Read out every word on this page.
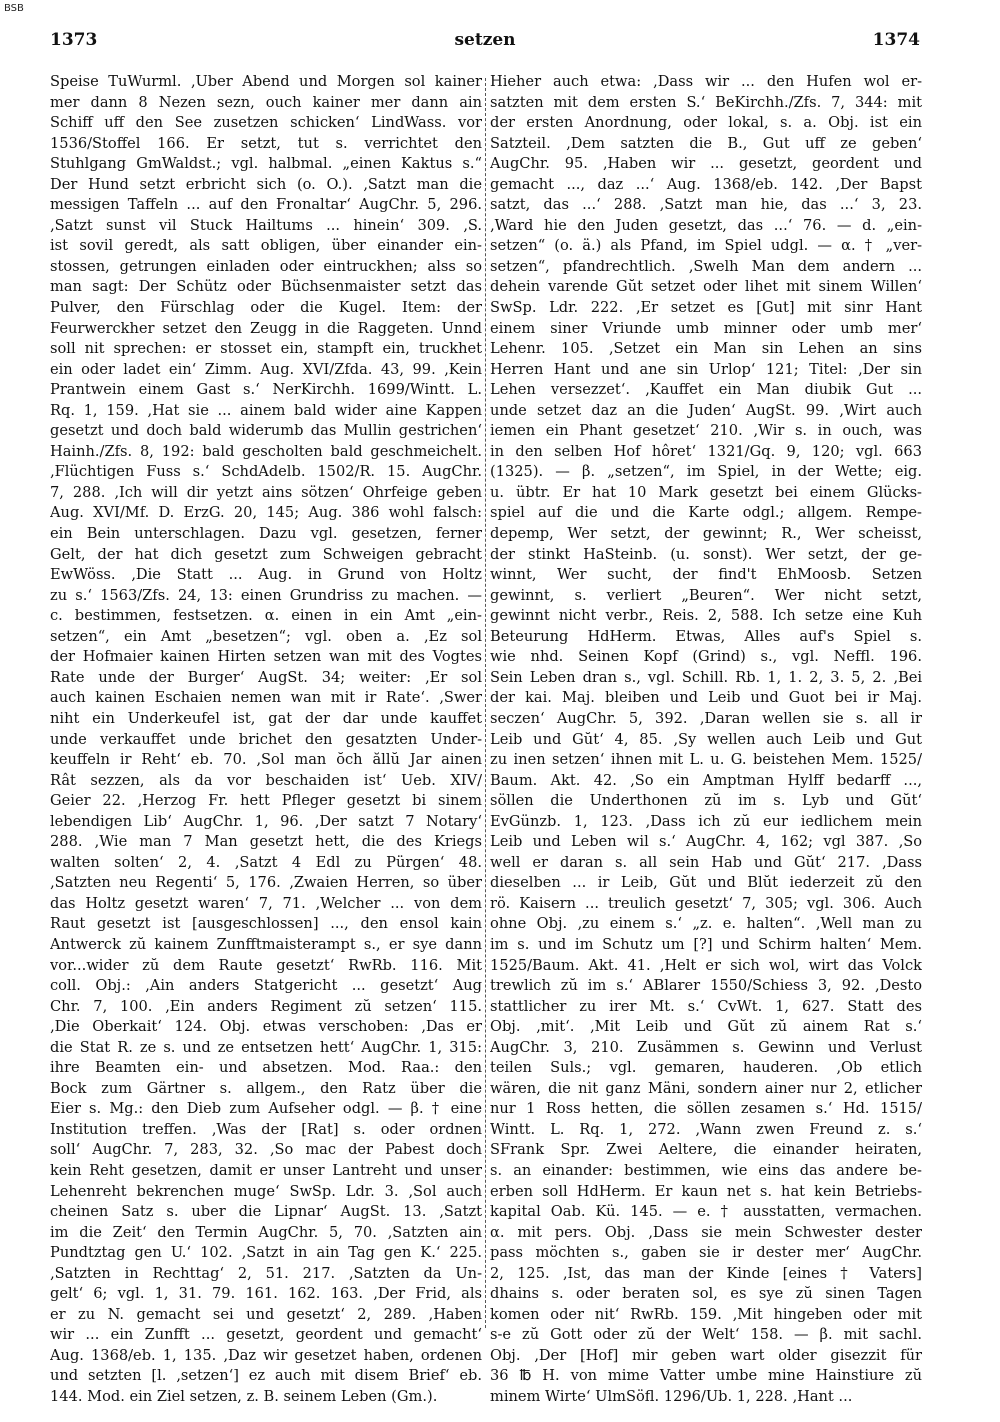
BSB
1373	setzen	1374
Speise TuWurml. ‚Uber Abend und Morgen sol kainer
mer dann 8 Nezen sezn, ouch kainer mer dann ain
Schiff uff den See zusetzen schicken‘ LindWass. vor
1536/Stoffel 166. Er setzt, tut s. verrichtet den
Stuhlgang GmWaldst.; vgl. halbmal. „einen Kaktus s.“
Der Hund setzt erbricht sich (o. O.). ‚Satzt man die
messigen Taffeln ... auf den Fronaltar‘ AugChr. 5, 296.
‚Satzt sunst vil Stuck Hailtums ... hinein‘ 309. ‚S.
ist sovil geredt, als satt obligen, über einander ein-
stossen, getrungen einladen oder eintruckhen; alss so
man sagt: Der Schütz oder Büchsenmaister setzt das
Pulver, den Fürschlag oder die Kugel. Item: der
Feurwerckher setzet den Zeugg in die Raggeten. Unnd
soll nit sprechen: er stosset ein, stampft ein, truckhet
ein oder ladet ein‘ Zimm. Aug. XVI/Zfda. 43, 99. ‚Kein
Prantwein einem Gast s.‘ NerKirchh. 1699/Wintt. L.
Rq. 1, 159. ‚Hat sie ... ainem bald wider aine Kappen
gesetzt und doch bald widerumb das Mullin gestrichen‘
Hainh./Zfs. 8, 192: bald gescholten bald geschmeichelt.
‚Flüchtigen Fuss s.‘ SchdAdelb. 1502/R. 15. AugChr.
7, 288. ‚Ich will dir yetzt ains sötzen‘ Ohrfeige geben
Aug. XVI/Mf. D. ErzG. 20, 145; Aug. 386 wohl falsch:
ein Bein unterschlagen. Dazu vgl. gesetzen, ferner
Gelt, der hat dich gesetzt zum Schweigen gebracht
EwWöss. ‚Die Statt ... Aug. in Grund von Holtz
zu s.‘ 1563/Zfs. 24, 13: einen Grundriss zu machen. —
c. bestimmen, festsetzen. α. einen in ein Amt „ein-
setzen“, ein Amt „besetzen“; vgl. oben a. ‚Ez sol
der Hofmaier kainen Hirten setzen wan mit des Vogtes
Rate unde der Burger‘ AugSt. 34; weiter: ‚Er sol
auch kainen Eschaien nemen wan mit ir Rate‘. ‚Swer
niht ein Underkeufel ist, gat der dar unde kauffet
unde verkauffet unde brichet den gesatzten Under-
keuffeln ir Reht‘ eb. 70. ‚Sol man ŏch ăllŭ Jar ainen
Rât sezzen, als da vor beschaiden ist‘ Ueb. XIV/
Geier 22. ‚Herzog Fr. hett Pfleger gesetzt bi sinem
lebendigen Lib‘ AugChr. 1, 96. ‚Der satzt 7 Notary‘
288. ‚Wie man 7 Man gesetzt hett, die des Kriegs
walten solten‘ 2, 4. ‚Satzt 4 Edl zu Pürgen‘ 48.
‚Satzten neu Regenti‘ 5, 176. ‚Zwaien Herren, so über
das Holtz gesetzt waren‘ 7, 71. ‚Welcher ... von dem
Raut gesetzt ist [ausgeschlossen] ..., den ensol kain
Antwerck zŭ kainem Zunfftmaisterampt s., er sye dann
vor...wider zŭ dem Raute gesetzt‘ RwRb. 116. Mit
coll. Obj.: ‚Ain anders Statgericht ... gesetzt‘ Aug
Chr. 7, 100. ‚Ein anders Regiment zŭ setzen‘ 115.
‚Die Oberkait‘ 124. Obj. etwas verschoben: ‚Das er
die Stat R. ze s. und ze entsetzen hett‘ AugChr. 1, 315:
ihre Beamten ein- und absetzen. Mod. Raa.: den
Bock zum Gärtner s. allgem., den Ratz über die
Eier s. Mg.: den Dieb zum Aufseher odgl. — β. † eine
Institution treffen. ‚Was der [Rat] s. oder ordnen
soll‘ AugChr. 7, 283, 32. ‚So mac der Pabest doch
kein Reht gesetzen, damit er unser Lantreht und unser
Lehenreht bekrenchen muge‘ SwSp. Ldr. 3. ‚Sol auch
cheinen Satz s. uber die Lipnar‘ AugSt. 13. ‚Satzt
im die Zeit‘ den Termin AugChr. 5, 70. ‚Satzten ain
Pundtztag gen U.‘ 102. ‚Satzt in ain Tag gen K.‘ 225.
‚Satzten in Rechttag‘ 2, 51. 217. ‚Satzten da Un-
gelt‘ 6; vgl. 1, 31. 79. 161. 162. 163. ‚Der Frid, als
er zu N. gemacht sei und gesetzt‘ 2, 289. ‚Haben
wir ... ein Zunfft ... gesetzt, geordent und gemacht‘
Aug. 1368/eb. 1, 135. ‚Daz wir gesetzet haben, ordenen
und setzten [l. ‚setzen‘] ez auch mit disem Brief‘ eb.
144. Mod. ein Ziel setzen, z. B. seinem Leben (Gm.).
Hieher auch etwa: ‚Dass wir ... den Hufen wol er-
satzten mit dem ersten S.‘ BeKirchh./Zfs. 7, 344: mit
der ersten Anordnung, oder lokal, s. a. Obj. ist ein
Satzteil. ‚Dem satzten die B., Gut uff ze geben‘
AugChr. 95. ‚Haben wir ... gesetzt, geordent und
gemacht ..., daz ...‘ Aug. 1368/eb. 142. ‚Der Bapst
satzt, das ...‘ 288. ‚Satzt man hie, das ...‘ 3, 23.
‚Ward hie den Juden gesetzt, das ...‘ 76. — d. „ein-
setzen“ (o. ä.) als Pfand, im Spiel udgl. — α. † „ver-
setzen“, pfandrechtlich. ‚Swelh Man dem andern ...
dehein varende Gŭt setzet oder lihet mit sinem Willen‘
SwSp. Ldr. 222. ‚Er setzet es [Gut] mit sinr Hant
einem siner Vriunde umb minner oder umb mer‘
Lehenr. 105. ‚Setzet ein Man sin Lehen an sins
Herren Hant und ane sin Urlop‘ 121; Titel: ‚Der sin
Lehen versezzet‘. ‚Kauffet ein Man diubik Gut ...
unde setzet daz an die Juden‘ AugSt. 99. ‚Wirt auch
iemen ein Phant gesetzet‘ 210. ‚Wir s. in ouch, was
in den selben Hof hôret‘ 1321/Gq. 9, 120; vgl. 663
(1325). — β. „setzen“, im Spiel, in der Wette; eig.
u. übtr. Er hat 10 Mark gesetzt bei einem Glücks-
spiel auf die und die Karte odgl.; allgem. Rempe-
depemp, Wer setzt, der gewinnt; R., Wer scheisst,
der stinkt HaSteinb. (u. sonst). Wer setzt, der ge-
winnt, Wer sucht, der find't EhMoosb. Setzen
gewinnt, s. verliert „Beuren“. Wer nicht setzt,
gewinnt nicht verbr., Reis. 2, 588. Ich setze eine Kuh
Beteurung HdHerm. Etwas, Alles auf's Spiel s.
wie nhd. Seinen Kopf (Grind) s., vgl. Neffl. 196.
Sein Leben dran s., vgl. Schill. Rb. 1, 1. 2, 3. 5, 2. ‚Bei
der kai. Maj. bleiben und Leib und Guot bei ir Maj.
seczen‘ AugChr. 5, 392. ‚Daran wellen sie s. all ir
Leib und Gŭt‘ 4, 85. ‚Sy wellen auch Leib und Gut
zu inen setzen‘ ihnen mit L. u. G. beistehen Mem. 1525/
Baum. Akt. 42. ‚So ein Amptman Hylff bedarff ...,
söllen die Underthonen zŭ im s. Lyb und Gŭt‘
EvGünzb. 1, 123. ‚Dass ich zŭ eur iedlichem mein
Leib und Leben wil s.‘ AugChr. 4, 162; vgl 387. ‚So
well er daran s. all sein Hab und Gŭt‘ 217. ‚Dass
dieselben ... ir Leib, Gŭt und Blŭt iederzeit zŭ den
rö. Kaisern ... treulich gesetzt‘ 7, 305; vgl. 306. Auch
ohne Obj. ‚zu einem s.‘ „z. e. halten“. ‚Well man zu
im s. und im Schutz um [?] und Schirm halten‘ Mem.
1525/Baum. Akt. 41. ‚Helt er sich wol, wirt das Volck
trewlich zŭ im s.‘ ABlarer 1550/Schiess 3, 92. ‚Desto
stattlicher zu irer Mt. s.‘ CvWt. 1, 627. Statt des
Obj. ‚mit‘. ‚Mit Leib und Gŭt zŭ ainem Rat s.‘
AugChr. 3, 210. Zusämmen s. Gewinn und Verlust
teilen Suls.; vgl. gemaren, hauderen. ‚Ob etlich
wären, die nit ganz Mäni, sondern ainer nur 2, etlicher
nur 1 Ross hetten, die söllen zesamen s.‘ Hd. 1515/
Wintt. L. Rq. 1, 272. ‚Wann zwen Freund z. s.‘
SFrank Spr. Zwei Aeltere, die einander heiraten,
s. an einander: bestimmen, wie eins das andere be-
erben soll HdHerm. Er kaun net s. hat kein Betriebs-
kapital Oab. Kü. 145. — e. † ausstatten, vermachen.
α. mit pers. Obj. ‚Dass sie mein Schwester dester
pass möchten s., gaben sie ir dester mer‘ AugChr.
2, 125. ‚Ist, das man der Kinde [eines † Vaters]
dhains s. oder beraten sol, es sye zŭ sinen Tagen
komen oder nit‘ RwRb. 159. ‚Mit hingeben oder mit
s-e zŭ Gott oder zŭ der Welt‘ 158. — β. mit sachl.
Obj. ‚Der [Hof] mir geben wart older gisezzit für
36 ℔ H. von mime Vatter umbe mine Hainstiure zŭ
minem Wirte‘ UlmSöfl. 1296/Ub. 1, 228. ‚Hant ...
